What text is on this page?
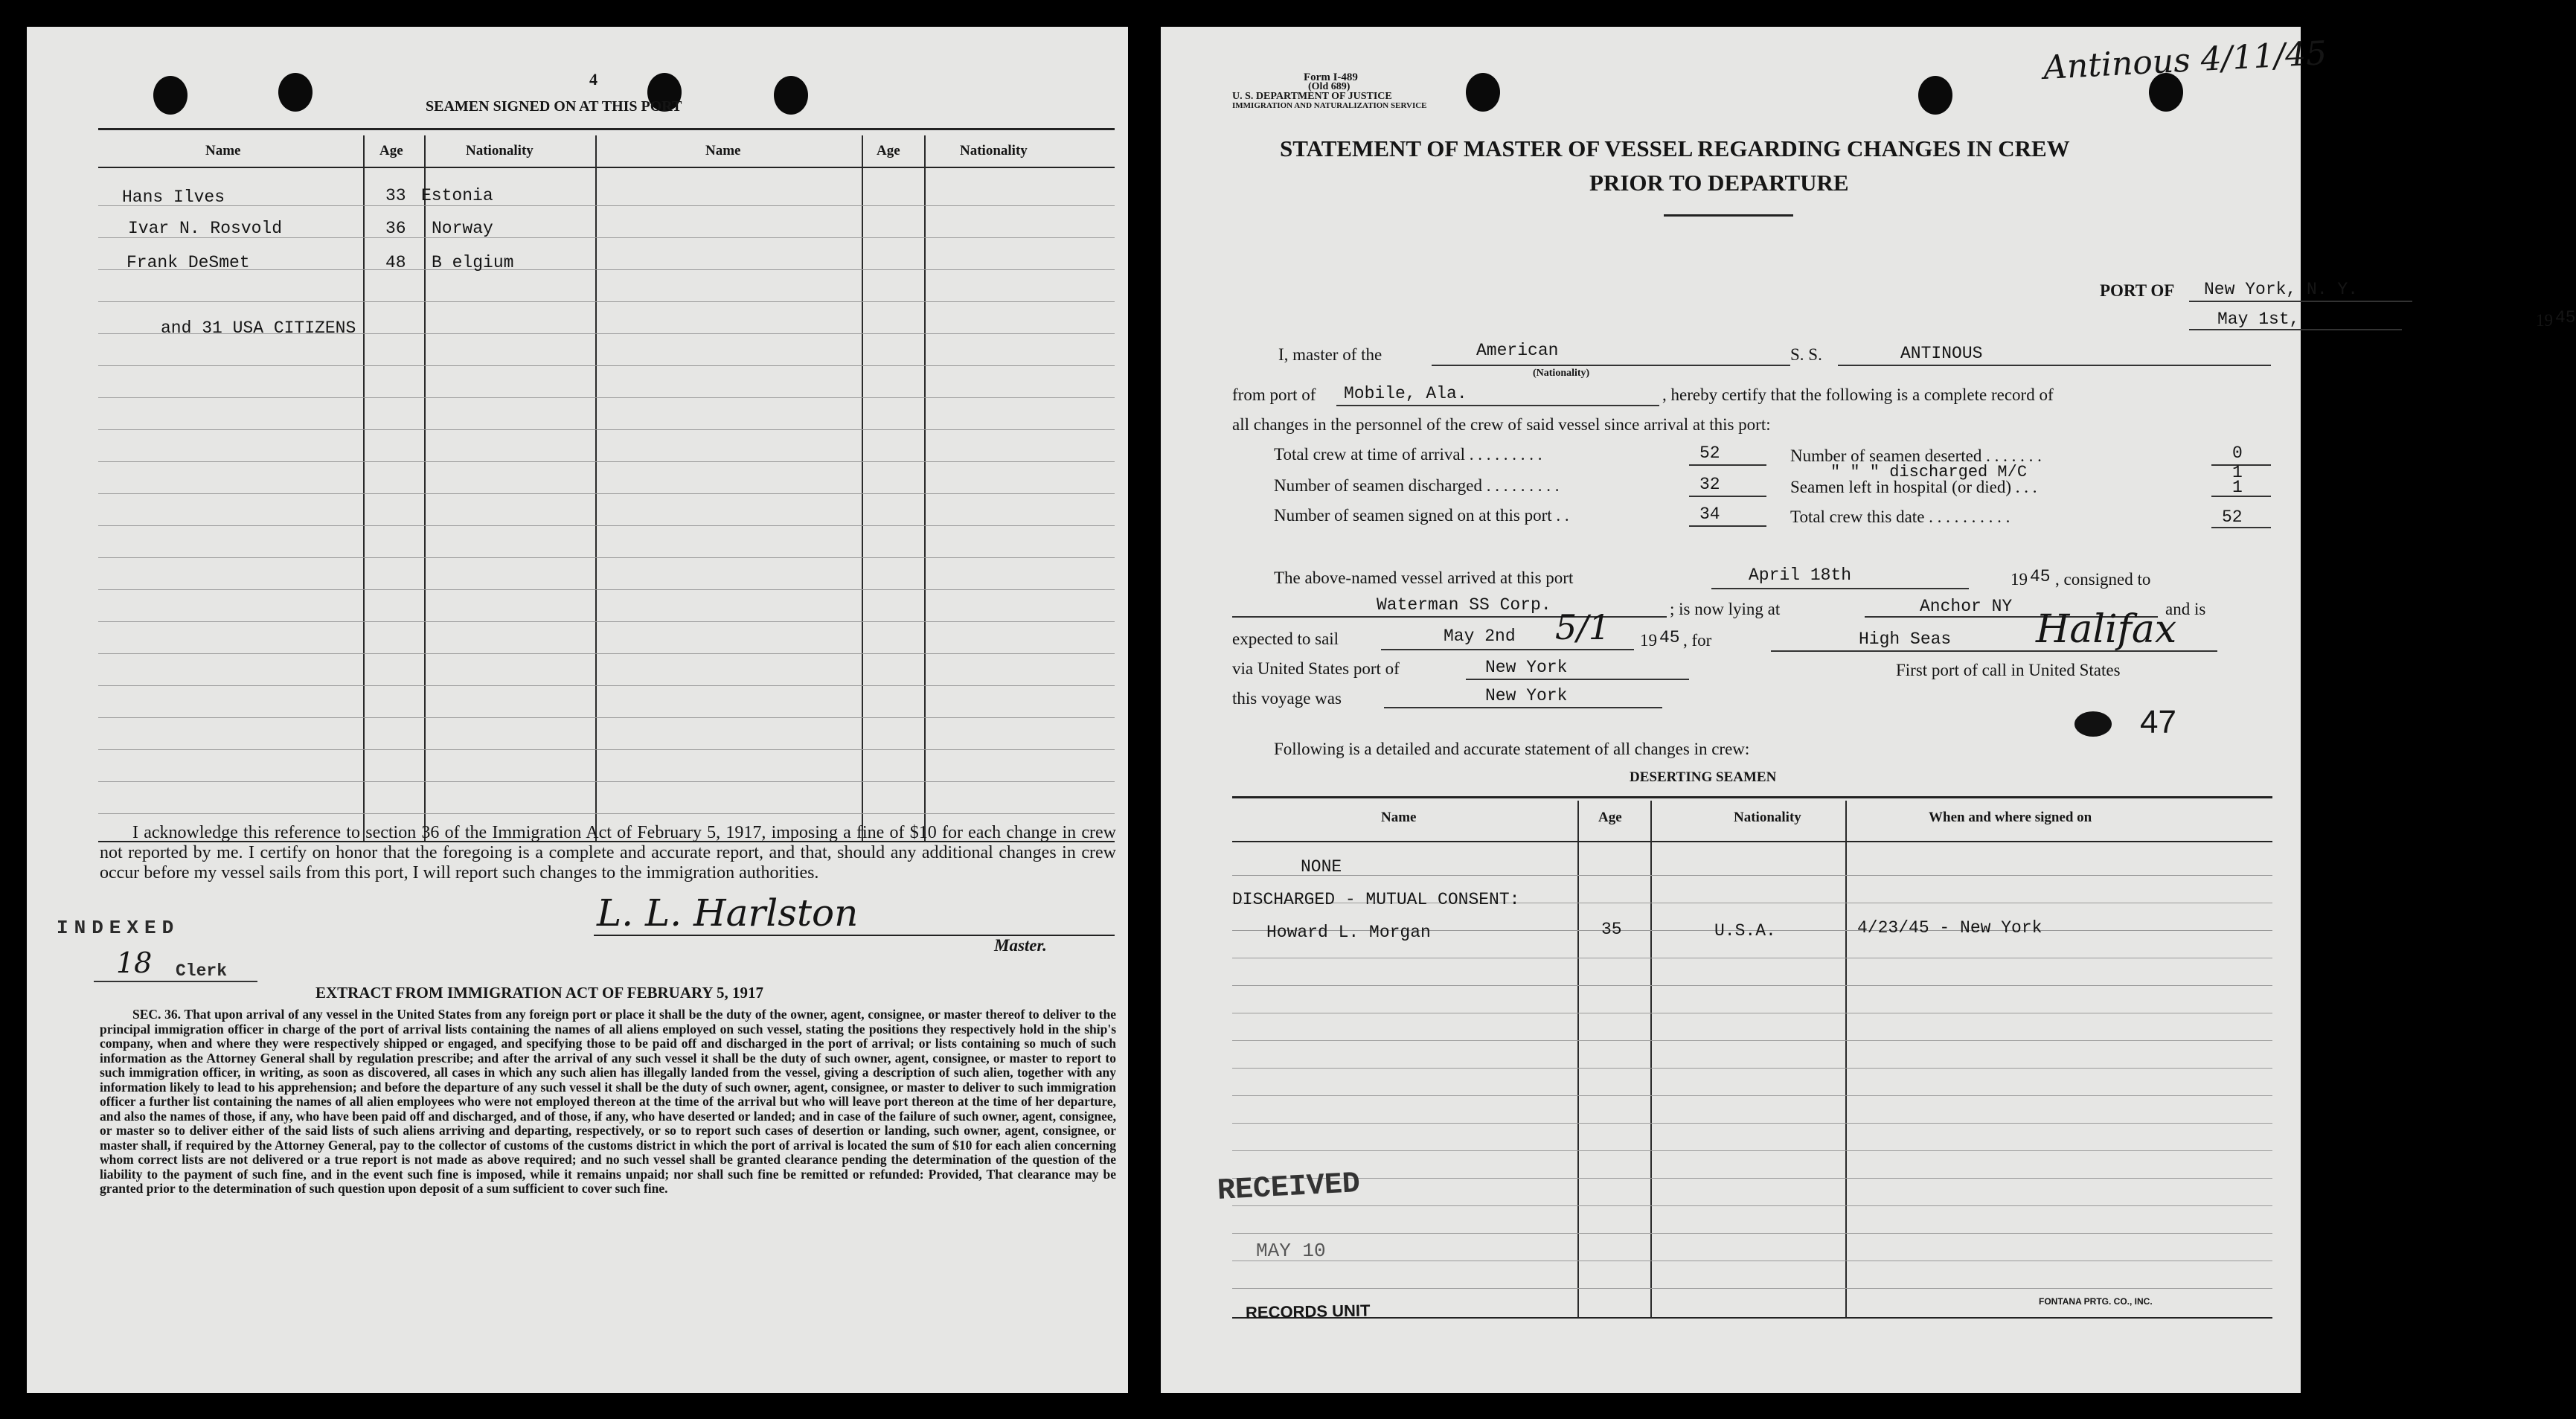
4
SEAMEN SIGNED ON AT THIS PORT
Name	Age	Nationality	Name	Age	Nationality
Hans Ilves	33 Estonia
Ivar N. Rosvold	36 Norway
Frank DeSmet	48 B elgium
and 31 USA CITIZENS
I acknowledge this reference to section 36 of the Immigration Act of February 5, 1917, imposing a fine of $10 for each change in crew not reported by me. I certify on honor that the foregoing is a complete and accurate report, and that, should any additional changes in crew occur before my vessel sails from this port, I will report such changes to the immigration authorities.
L. L. Harlston
Master.
INDEXED
18 Clerk
EXTRACT FROM IMMIGRATION ACT OF FEBRUARY 5, 1917
SEC. 36. That upon arrival of any vessel in the United States from any foreign port or place it shall be the duty of the owner, agent, consignee, or master thereof to deliver to the principal immigration officer in charge of the port of arrival lists containing the names of all aliens employed on such vessel, stating the positions they respectively hold in the ship's company, when and where they were respectively shipped or engaged, and specifying those to be paid off and discharged in the port of arrival; or lists containing so much of such information as the Attorney General shall by regulation prescribe; and after the arrival of any such vessel it shall be the duty of such owner, agent, consignee, or master to report to such immigration officer, in writing, as soon as discovered, all cases in which any such alien has illegally landed from the vessel, giving a description of such alien, together with any information likely to lead to his apprehension; and before the departure of any such vessel it shall be the duty of such owner, agent, consignee, or master to deliver to such immigration officer a further list containing the names of all alien employees who were not employed thereon at the time of the arrival but who will leave port thereon at the time of her departure, and also the names of those, if any, who have been paid off and discharged, and of those, if any, who have deserted or landed; and in case of the failure of such owner, agent, consignee, or master so to deliver either of the said lists of such aliens arriving and departing, respectively, or so to report such cases of desertion or landing, such owner, agent, consignee, or master shall, if required by the Attorney General, pay to the collector of customs of the customs district in which the port of arrival is located the sum of $10 for each alien concerning whom correct lists are not delivered or a true report is not made as above required; and no such vessel shall be granted clearance pending the determination of the question of the liability to the payment of such fine, and in the event such fine is imposed, while it remains unpaid; nor shall such fine be remitted or refunded: Provided, That clearance may be granted prior to the determination of such question upon deposit of a sum sufficient to cover such fine.
Form I-489
(Old 689)
U. S. DEPARTMENT OF JUSTICE
IMMIGRATION AND NATURALIZATION SERVICE
Antinous 4/11/45
STATEMENT OF MASTER OF VESSEL REGARDING CHANGES IN CREW
PRIOR TO DEPARTURE
PORT OF New York, N. Y.
May 1st,	19 45
I, master of the	American
(Nationality)
S. S.	ANTINOUS
from port of Mobile, Ala.	, hereby certify that the following is a complete record of
all changes in the personnel of the crew of said vessel since arrival at this port:
Total crew at time of arrival . . . . . . . . .	52
Number of seamen discharged . . . . . . . . .	32
Number of seamen signed on at this port . .	34
Number of seamen deserted . . . . . . .	0
" " " discharged M/C	1
Seamen left in hospital (or died) . . .	1
Total crew this date . . . . . . . . . .	52
The above-named vessel arrived at this port	April 18th	19 45 , consigned to
Waterman SS Corp.	; is now lying at	Anchor NY	and is
expected to sail	May 2nd 5/1 19 45 , for	High Seas Halifax
via United States port of	New York	First port of call in United States
this voyage was	New York
47
Following is a detailed and accurate statement of all changes in crew:
DESERTING SEAMEN
Name	Age	Nationality	When and where signed on
NONE
DISCHARGED - MUTUAL CONSENT:
Howard L. Morgan	35	U.S.A.	4/23/45 - New York
RECEIVED
MAY 10
RECORDS UNIT	FONTANA PRTG. CO., INC.
